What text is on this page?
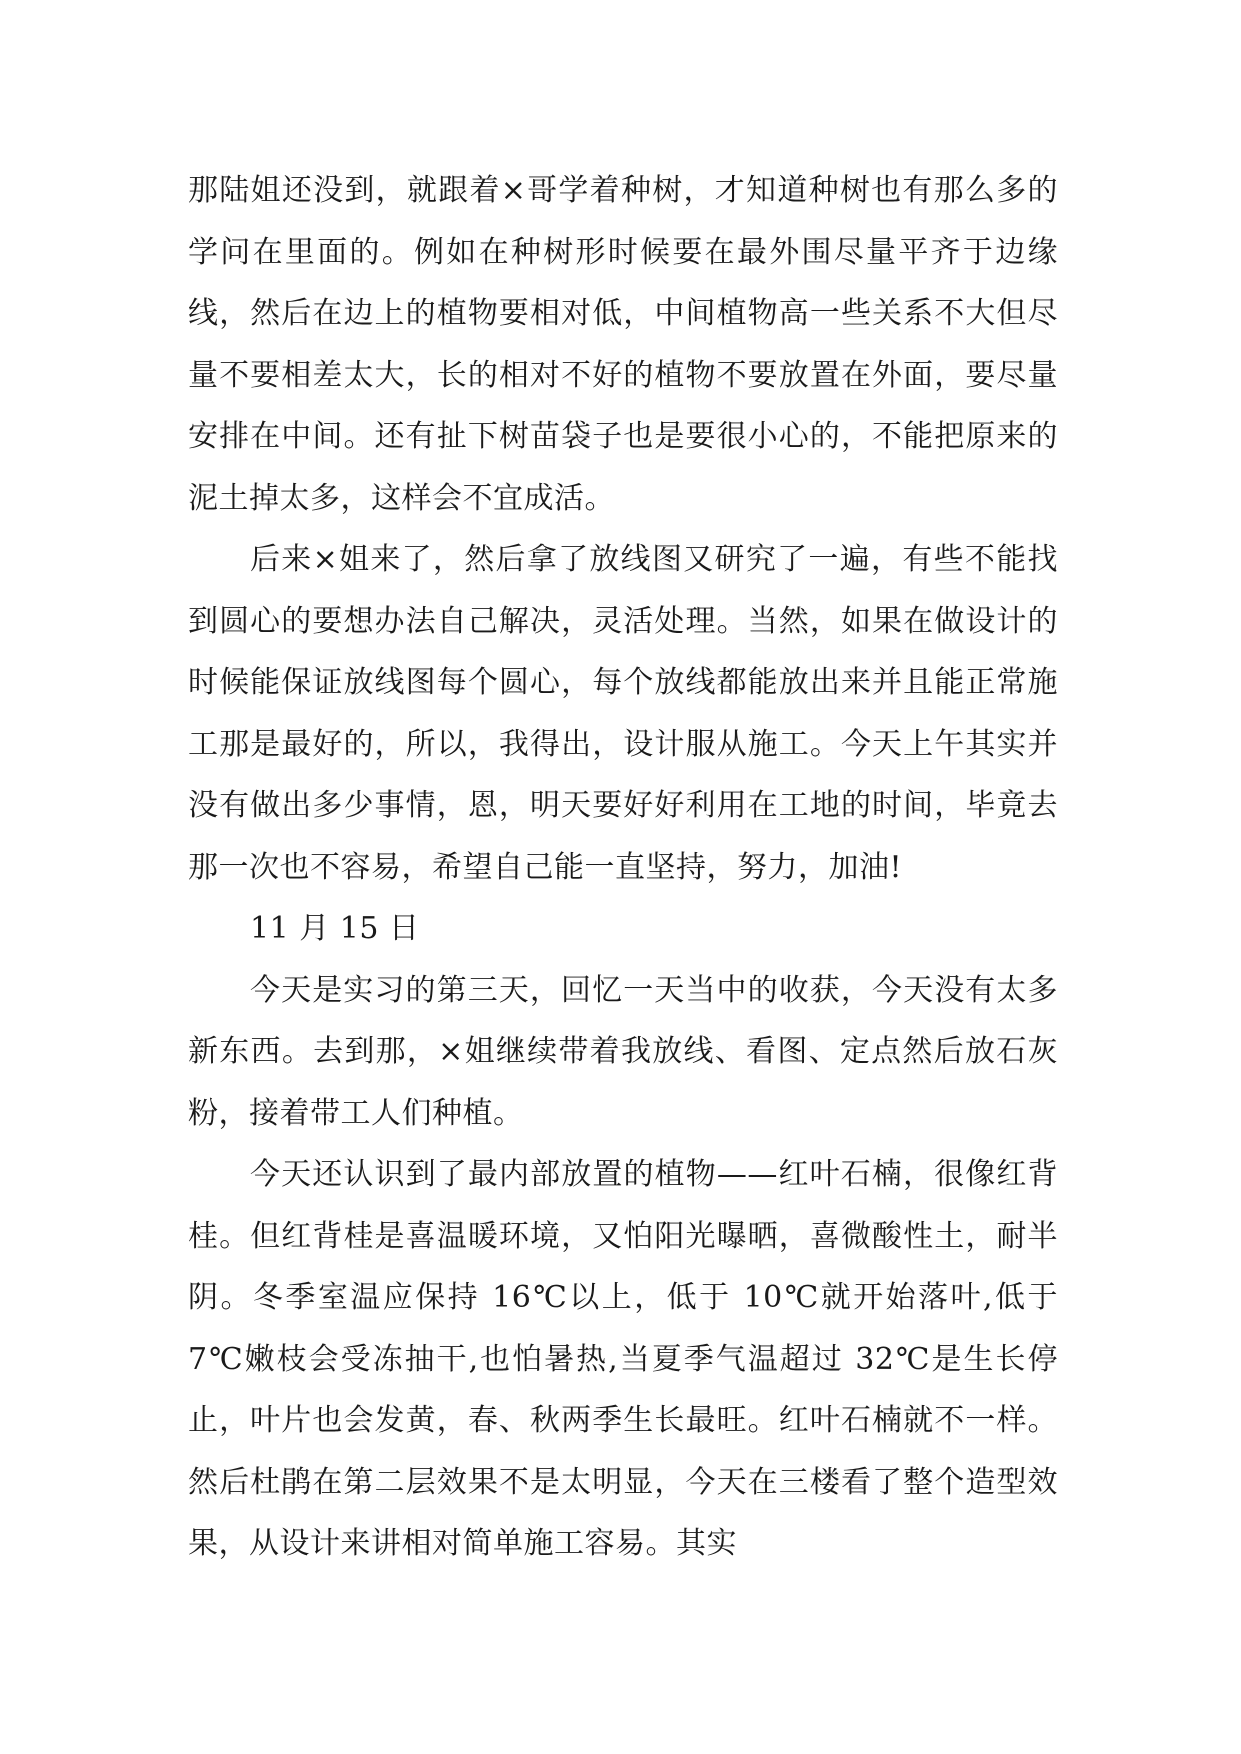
那陆姐还没到，就跟着×哥学着种树，才知道种树也有那么多的学问在里面的。例如在种树形时候要在最外围尽量平齐于边缘线，然后在边上的植物要相对低，中间植物高一些关系不大但尽量不要相差太大，长的相对不好的植物不要放置在外面，要尽量安排在中间。还有扯下树苗袋子也是要很小心的，不能把原来的泥土掉太多，这样会不宜成活。

后来×姐来了，然后拿了放线图又研究了一遍，有些不能找到圆心的要想办法自己解决，灵活处理。当然，如果在做设计的时候能保证放线图每个圆心，每个放线都能放出来并且能正常施工那是最好的，所以，我得出，设计服从施工。今天上午其实并没有做出多少事情，恩，明天要好好利用在工地的时间，毕竟去那一次也不容易，希望自己能一直坚持，努力，加油!

11 月 15 日

今天是实习的第三天，回忆一天当中的收获，今天没有太多新东西。去到那，×姐继续带着我放线、看图、定点然后放石灰粉，接着带工人们种植。

今天还认识到了最内部放置的植物——红叶石楠，很像红背桂。但红背桂是喜温暖环境，又怕阳光曝晒，喜微酸性土，耐半阴。冬季室温应保持 16℃以上，低于 10℃就开始落叶,低于 7℃嫩枝会受冻抽干,也怕暑热,当夏季气温超过 32℃是生长停止，叶片也会发黄，春、秋两季生长最旺。红叶石楠就不一样。然后杜鹃在第二层效果不是太明显，今天在三楼看了整个造型效果，从设计来讲相对简单施工容易。其实
